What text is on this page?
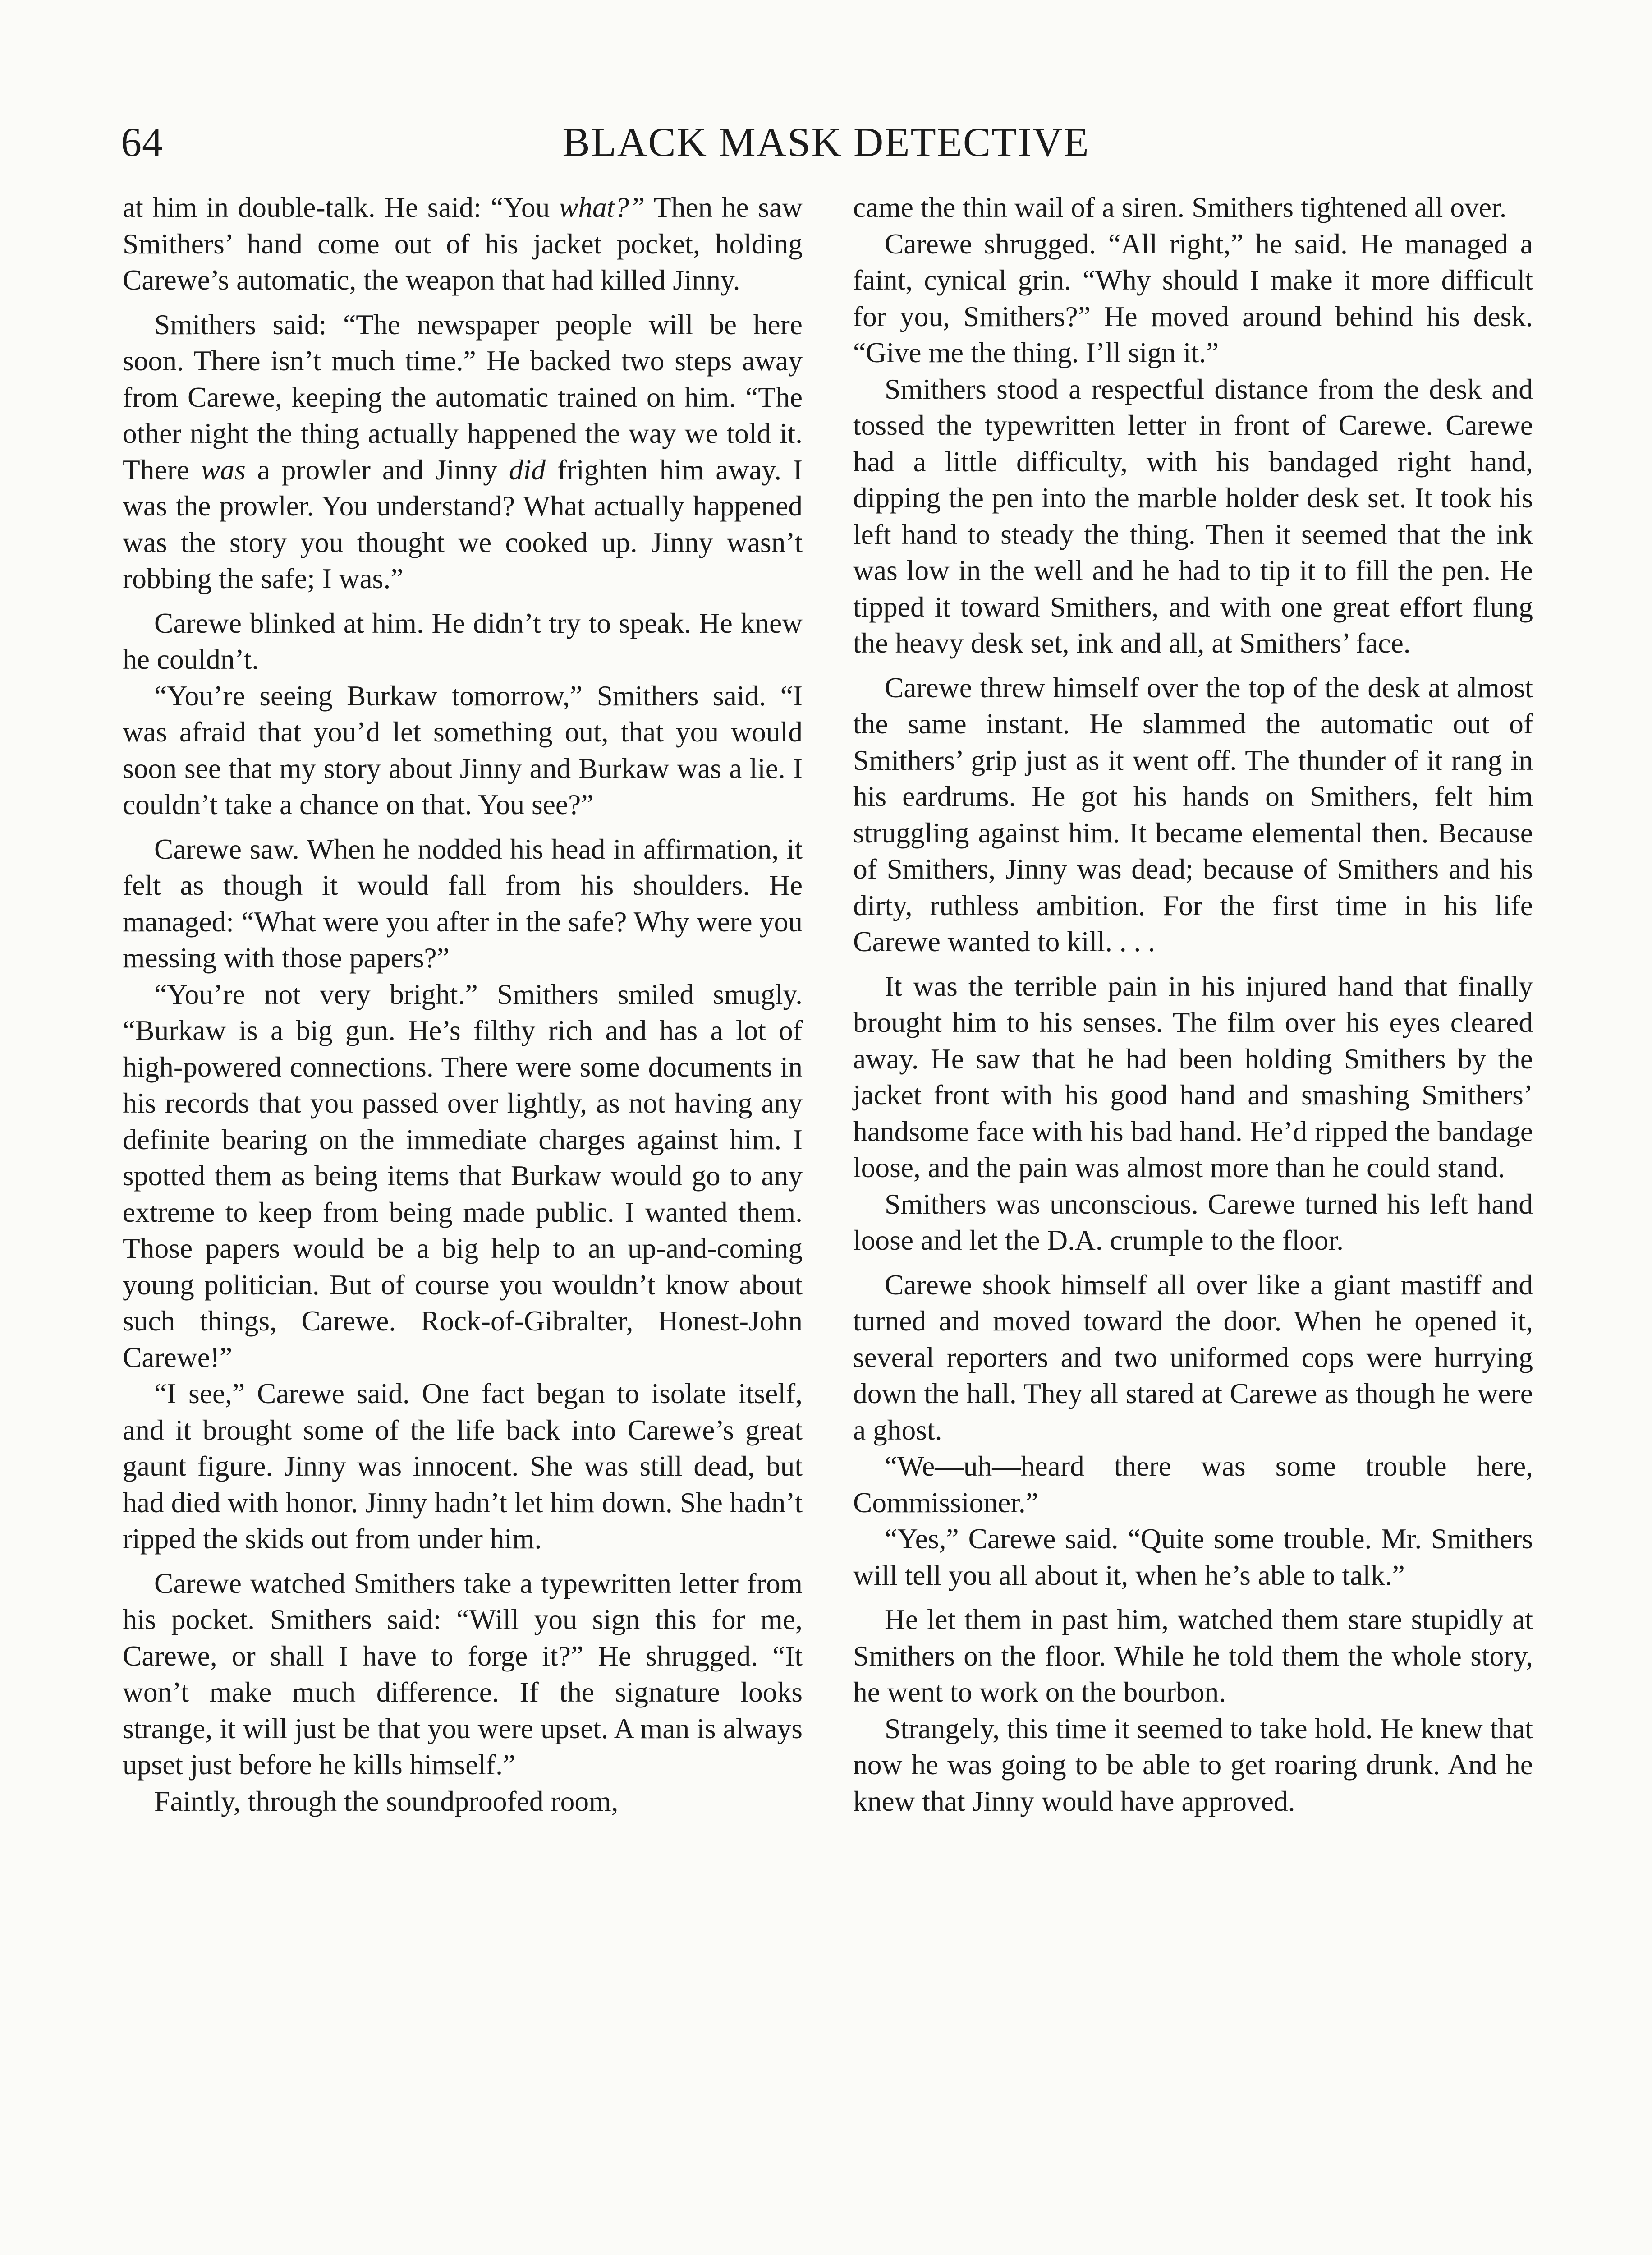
64	BLACK MASK DETECTIVE

at him in double-talk. He said: “You what?” Then he saw Smithers’ hand come out of his jacket pocket, holding Carewe’s automatic, the weapon that had killed Jinny.

Smithers said: “The newspaper people will be here soon. There isn’t much time.” He backed two steps away from Carewe, keeping the automatic trained on him. “The other night the thing actually happened the way we told it. There was a prowler and Jinny did frighten him away. I was the prowler. You understand? What actually happened was the story you thought we cooked up. Jinny wasn’t robbing the safe; I was.”

Carewe blinked at him. He didn’t try to speak. He knew he couldn’t.

“You’re seeing Burkaw tomorrow,” Smithers said. “I was afraid that you’d let something out, that you would soon see that my story about Jinny and Burkaw was a lie. I couldn’t take a chance on that. You see?”

Carewe saw. When he nodded his head in affirmation, it felt as though it would fall from his shoulders. He managed: “What were you after in the safe? Why were you messing with those papers?”

“You’re not very bright.” Smithers smiled smugly. “Burkaw is a big gun. He’s filthy rich and has a lot of high-powered connections. There were some documents in his records that you passed over lightly, as not having any definite bearing on the immediate charges against him. I spotted them as being items that Burkaw would go to any extreme to keep from being made public. I wanted them. Those papers would be a big help to an up-and-coming young politician. But of course you wouldn’t know about such things, Carewe. Rock-of-Gibralter, Honest-John Carewe!”

“I see,” Carewe said. One fact began to isolate itself, and it brought some of the life back into Carewe’s great gaunt figure. Jinny was innocent. She was still dead, but had died with honor. Jinny hadn’t let him down. She hadn’t ripped the skids out from under him.

Carewe watched Smithers take a typewritten letter from his pocket. Smithers said: “Will you sign this for me, Carewe, or shall I have to forge it?” He shrugged. “It won’t make much difference. If the signature looks strange, it will just be that you were upset. A man is always upset just before he kills himself.”

Faintly, through the soundproofed room,

came the thin wail of a siren. Smithers tightened all over.

Carewe shrugged. “All right,” he said. He managed a faint, cynical grin. “Why should I make it more difficult for you, Smithers?” He moved around behind his desk. “Give me the thing. I’ll sign it.”

Smithers stood a respectful distance from the desk and tossed the typewritten letter in front of Carewe. Carewe had a little difficulty, with his bandaged right hand, dipping the pen into the marble holder desk set. It took his left hand to steady the thing. Then it seemed that the ink was low in the well and he had to tip it to fill the pen. He tipped it toward Smithers, and with one great effort flung the heavy desk set, ink and all, at Smithers’ face.

Carewe threw himself over the top of the desk at almost the same instant. He slammed the automatic out of Smithers’ grip just as it went off. The thunder of it rang in his eardrums. He got his hands on Smithers, felt him struggling against him. It became elemental then. Because of Smithers, Jinny was dead; because of Smithers and his dirty, ruthless ambition. For the first time in his life Carewe wanted to kill. . . .

It was the terrible pain in his injured hand that finally brought him to his senses. The film over his eyes cleared away. He saw that he had been holding Smithers by the jacket front with his good hand and smashing Smithers’ handsome face with his bad hand. He’d ripped the bandage loose, and the pain was almost more than he could stand.

Smithers was unconscious. Carewe turned his left hand loose and let the D.A. crumple to the floor.

Carewe shook himself all over like a giant mastiff and turned and moved toward the door. When he opened it, several reporters and two uniformed cops were hurrying down the hall. They all stared at Carewe as though he were a ghost.

“We—uh—heard there was some trouble here, Commissioner.”

“Yes,” Carewe said. “Quite some trouble. Mr. Smithers will tell you all about it, when he’s able to talk.”

He let them in past him, watched them stare stupidly at Smithers on the floor. While he told them the whole story, he went to work on the bourbon.

Strangely, this time it seemed to take hold. He knew that now he was going to be able to get roaring drunk. And he knew that Jinny would have approved.
